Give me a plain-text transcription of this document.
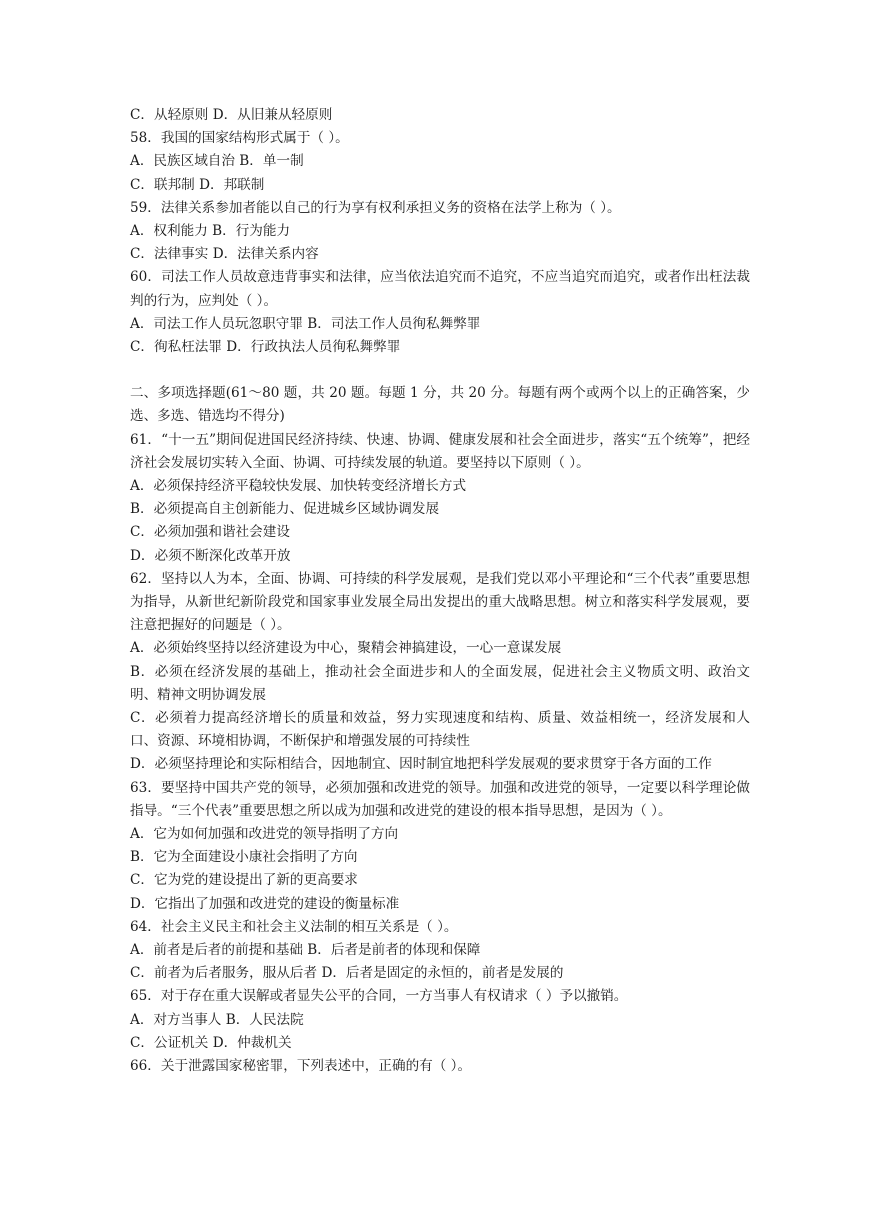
C．从轻原则 D．从旧兼从轻原则
58．我国的国家结构形式属于（ ）。
A．民族区域自治 B．单一制
C．联邦制 D．邦联制
59．法律关系参加者能以自己的行为享有权利承担义务的资格在法学上称为（ ）。
A．权利能力 B．行为能力
C．法律事实 D．法律关系内容
60．司法工作人员故意违背事实和法律，应当依法追究而不追究，不应当追究而追究，或者作出枉法裁判的行为，应判处（ ）。
A．司法工作人员玩忽职守罪 B．司法工作人员徇私舞弊罪
C．徇私枉法罪 D．行政执法人员徇私舞弊罪
二、多项选择题(61～80 题，共 20 题。每题 1 分，共 20 分。每题有两个或两个以上的正确答案，少选、多选、错选均不得分)
61．“十一五”期间促进国民经济持续、快速、协调、健康发展和社会全面进步，落实“五个统筹”，把经济社会发展切实转入全面、协调、可持续发展的轨道。要坚持以下原则（ ）。
A．必须保持经济平稳较快发展、加快转变经济增长方式
B．必须提高自主创新能力、促进城乡区域协调发展
C．必须加强和谐社会建设
D．必须不断深化改革开放
62．坚持以人为本，全面、协调、可持续的科学发展观，是我们党以邓小平理论和“三个代表”重要思想为指导，从新世纪新阶段党和国家事业发展全局出发提出的重大战略思想。树立和落实科学发展观，要注意把握好的问题是（ ）。
A．必须始终坚持以经济建设为中心，聚精会神搞建设，一心一意谋发展
B．必须在经济发展的基础上，推动社会全面进步和人的全面发展，促进社会主义物质文明、政治文明、精神文明协调发展
C．必须着力提高经济增长的质量和效益，努力实现速度和结构、质量、效益相统一，经济发展和人口、资源、环境相协调，不断保护和增强发展的可持续性
D．必须坚持理论和实际相结合，因地制宜、因时制宜地把科学发展观的要求贯穿于各方面的工作
63．要坚持中国共产党的领导，必须加强和改进党的领导。加强和改进党的领导，一定要以科学理论做指导。“三个代表”重要思想之所以成为加强和改进党的建设的根本指导思想，是因为（ ）。
A．它为如何加强和改进党的领导指明了方向
B．它为全面建设小康社会指明了方向
C．它为党的建设提出了新的更高要求
D．它指出了加强和改进党的建设的衡量标准
64．社会主义民主和社会主义法制的相互关系是（ ）。
A．前者是后者的前提和基础 B．后者是前者的体现和保障
C．前者为后者服务，服从后者 D．后者是固定的永恒的，前者是发展的
65．对于存在重大误解或者显失公平的合同，一方当事人有权请求（ ）予以撤销。
A．对方当事人 B．人民法院
C．公证机关 D．仲裁机关
66．关于泄露国家秘密罪，下列表述中，正确的有（ ）。
